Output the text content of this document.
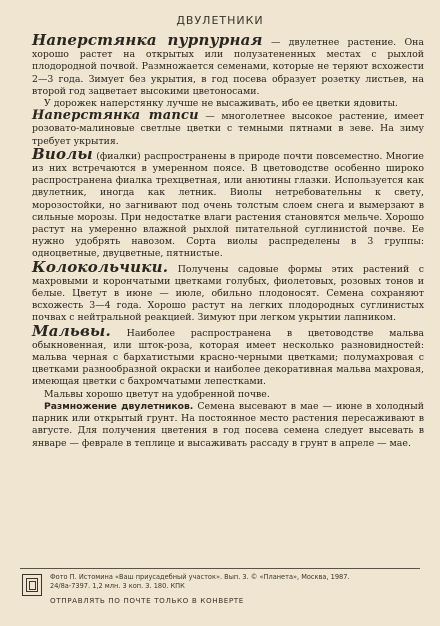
ДВУЛЕТНИКИ

Наперстянка пурпурная — двулетнее растение. Она хорошо растет на открытых или полузатененных местах с рыхлой плодородной почвой. Размножается семенами, которые не теряют всхожести 2—3 года. Зимует без укрытия, в год посева образует розетку листьев, на второй год зацветает высокими цветоносами.

У дорожек наперстянку лучше не высаживать, ибо ее цветки ядовиты.

Наперстянка тапси — многолетнее высокое растение, имеет розовато-малиновые светлые цветки с темными пятнами в зеве. На зиму требует укрытия.

Виолы (фиалки) распространены в природе почти повсеместно. Многие из них встречаются в умеренном поясе. В цветоводстве особенно широко распространена фиалка трехцветная, или анютины глазки. Используется как двулетник, иногда как летник. Виолы нетребовательны к свету, морозостойки, но загнивают под очень толстым слоем снега и вымерзают в сильные морозы. При недостатке влаги растения становятся мельче. Хорошо растут на умеренно влажной рыхлой питательной суглинистой почве. Ее нужно удобрять навозом. Сорта виолы распределены в 3 группы: одноцветные, двуцветные, пятнистые.

Колокольчики. Получены садовые формы этих растений с махровыми и корончатыми цветками голубых, фиолетовых, розовых тонов и белые. Цветут в июне — июле, обильно плодоносят. Семена сохраняют всхожесть 3—4 года. Хорошо растут на легких плодородных суглинистых почвах с нейтральной реакцией. Зимуют при легком укрытии лапником.

Мальвы. Наиболее распространена в цветоводстве мальва обыкновенная, или шток-роза, которая имеет несколько разновидностей: мальва черная с бархатистыми красно-черными цветками; полумахровая с цветками разнообразной окраски и наиболее декоративная мальва махровая, имеющая цветки с бахромчатыми лепестками.

Мальвы хорошо цветут на удобренной почве.

Размножение двулетников. Семена высевают в мае — июне в холодный парник или открытый грунт. На постоянное место растения пересаживают в августе. Для получения цветения в год посева семена следует высевать в январе — феврале в теплице и высаживать рассаду в грунт в апреле — мае.

Фото П. Истомина «Ваш приусадебный участок». Вып. 3. © «Планета», Москва, 1987.
24/8а-7397. 1,2 млн. 3 коп. З. 180. КПК
ОТПРАВЛЯТЬ ПО ПОЧТЕ ТОЛЬКО В КОНВЕРТЕ
